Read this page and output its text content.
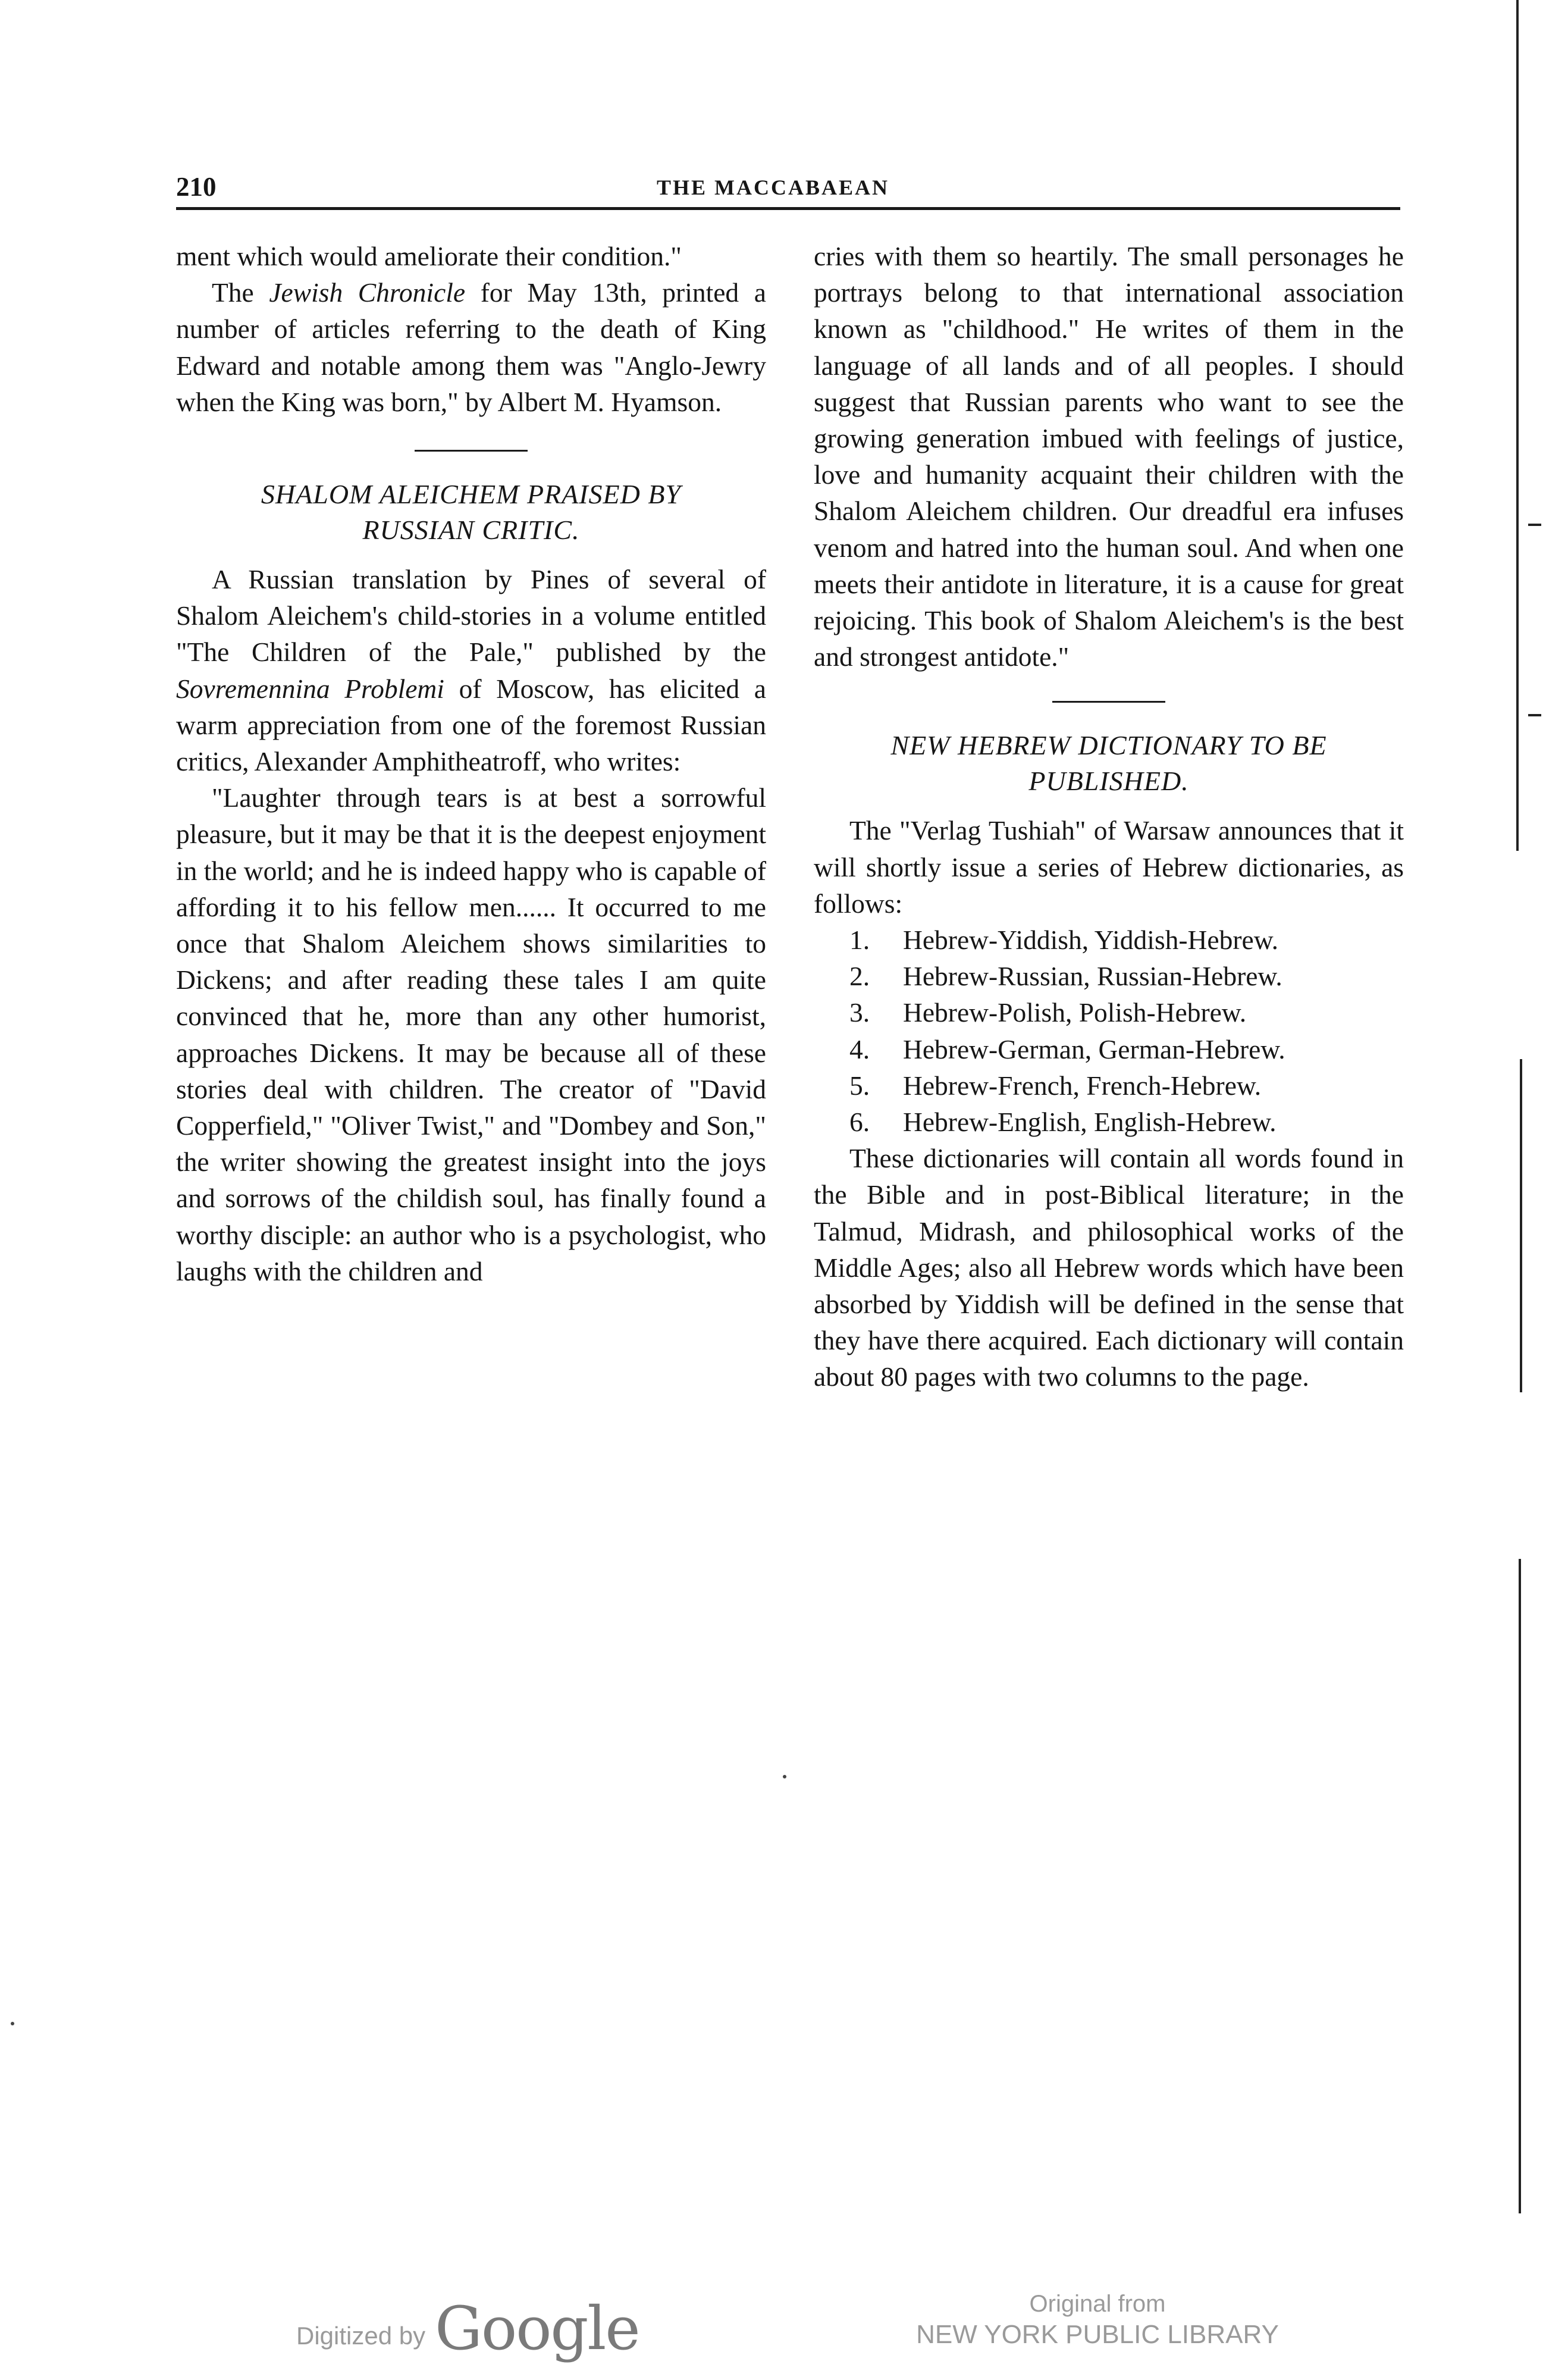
210	THE MACCABAEAN

ment which would ameliorate their condition."

The Jewish Chronicle for May 13th, printed a number of articles referring to the death of King Edward and notable among them was "Anglo-Jewry when the King was born," by Albert M. Hyamson.

SHALOM ALEICHEM PRAISED BY
RUSSIAN CRITIC.

A Russian translation by Pines of several of Shalom Aleichem's child-stories in a volume entitled "The Children of the Pale," published by the Sovremennina Problemi of Moscow, has elicited a warm appreciation from one of the foremost Russian critics, Alexander Amphitheatroff, who writes:

"Laughter through tears is at best a sorrowful pleasure, but it may be that it is the deepest enjoyment in the world; and he is indeed happy who is capable of affording it to his fellow men...... It occurred to me once that Shalom Aleichem shows similarities to Dickens; and after reading these tales I am quite convinced that he, more than any other humorist, approaches Dickens. It may be because all of these stories deal with children. The creator of "David Copperfield," "Oliver Twist," and "Dombey and Son," the writer showing the greatest insight into the joys and sorrows of the childish soul, has finally found a worthy disciple: an author who is a psychologist, who laughs with the children and

cries with them so heartily. The small personages he portrays belong to that international association known as "childhood." He writes of them in the language of all lands and of all peoples. I should suggest that Russian parents who want to see the growing generation imbued with feelings of justice, love and humanity acquaint their children with the Shalom Aleichem children. Our dreadful era infuses venom and hatred into the human soul. And when one meets their antidote in literature, it is a cause for great rejoicing. This book of Shalom Aleichem's is the best and strongest antidote."

NEW HEBREW DICTIONARY TO BE
PUBLISHED.

The "Verlag Tushiah" of Warsaw announces that it will shortly issue a series of Hebrew dictionaries, as follows:

1.	Hebrew-Yiddish, Yiddish-Hebrew.
2.	Hebrew-Russian, Russian-Hebrew.
3.	Hebrew-Polish, Polish-Hebrew.
4.	Hebrew-German, German-Hebrew.
5.	Hebrew-French, French-Hebrew.
6.	Hebrew-English, English-Hebrew.

These dictionaries will contain all words found in the Bible and in post-Biblical literature; in the Talmud, Midrash, and philosophical works of the Middle Ages; also all Hebrew words which have been absorbed by Yiddish will be defined in the sense that they have there acquired. Each dictionary will contain about 80 pages with two columns to the page.

Digitized by Google	Original from
NEW YORK PUBLIC LIBRARY
